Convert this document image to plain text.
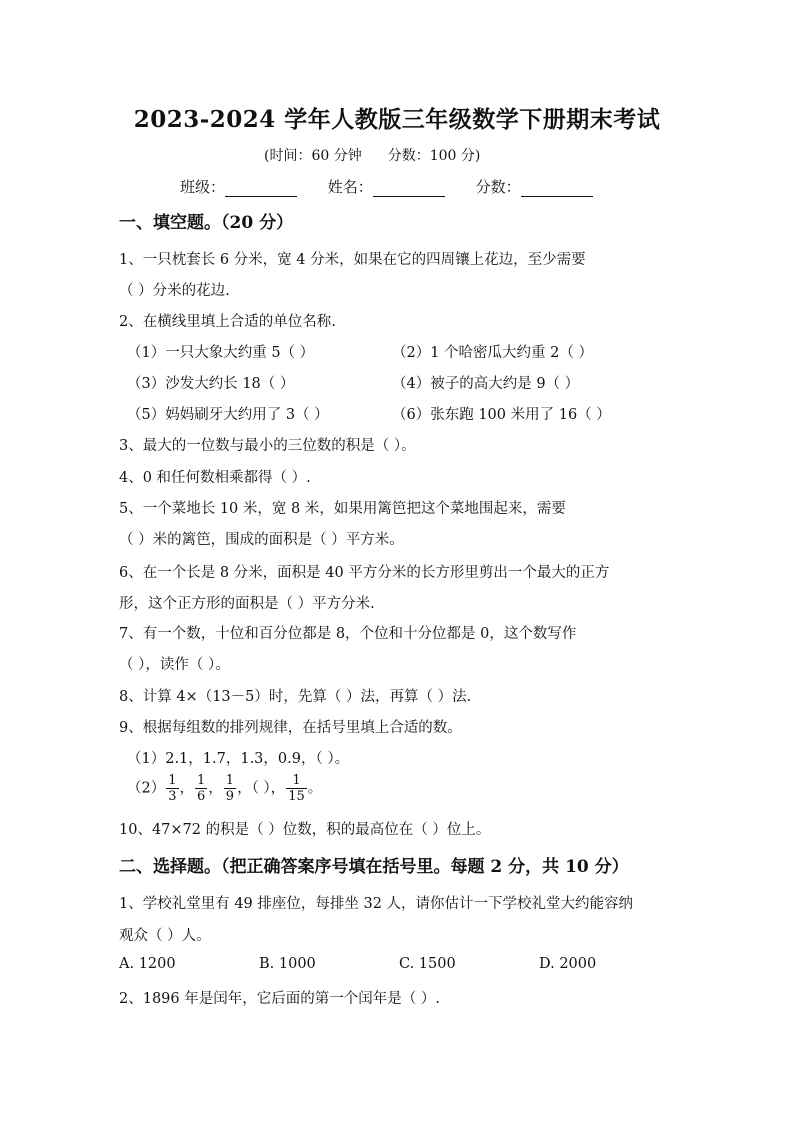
2023-2024 学年人教版三年级数学下册期末考试
(时间：60 分钟 分数：100 分)
班级：	姓名：	分数：
一、填空题。（20 分）
1、一只枕套长 6 分米，宽 4 分米，如果在它的四周镶上花边，至少需要
（ ）分米的花边.
2、在横线里填上合适的单位名称.
（1）一只大象大约重 5（ ）	（2）1 个哈密瓜大约重 2（ ）
（3）沙发大约长 18（ ）	（4）被子的高大约是 9（ ）
（5）妈妈刷牙大约用了 3（ ）	（6）张东跑 100 米用了 16（ ）
3、最大的一位数与最小的三位数的积是（ ）。
4、0 和任何数相乘都得（ ）.
5、一个菜地长 10 米，宽 8 米，如果用篱笆把这个菜地围起来，需要
（ ）米的篱笆，围成的面积是（ ）平方米。
6、在一个长是 8 分米，面积是 40 平方分米的长方形里剪出一个最大的正方
形，这个正方形的面积是（ ）平方分米.
7、有一个数，十位和百分位都是 8，个位和十分位都是 0，这个数写作
（ ），读作（ ）。
8、计算 4×（13－5）时，先算（ ）法，再算（ ）法.
9、根据每组数的排列规律，在括号里填上合适的数。
（1）2.1，1.7，1.3，0.9，（ ）。
$(2) \frac{1}{3}$ ， $\frac{1}{6}$ ， $\frac{1}{9}$ ，（ ）， $\frac{1}{15}$ 。
10、47×72 的积是（ ）位数，积的最高位在（ ）位上。
二、选择题。（把正确答案序号填在括号里。每题 2 分，共 10 分）
1、学校礼堂里有 49 排座位，每排坐 32 人，请你估计一下学校礼堂大约能容纳
观众（ ）人。
A. 1200	B. 1000	C. 1500	D. 2000
2、1896 年是闰年，它后面的第一个闰年是（ ）.
